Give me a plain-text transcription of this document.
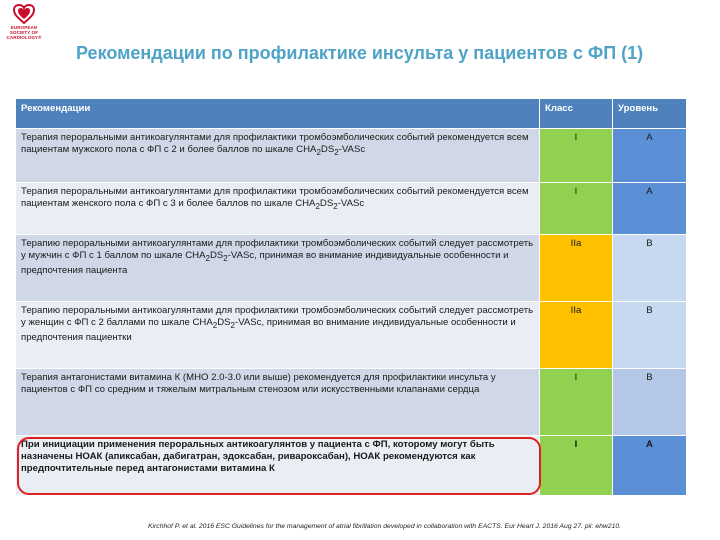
EUROPEAN
SOCIETY OF
CARDIOLOGY®
Рекомендации по профилактике инсульта у пациентов с ФП (1)
Рекомендации	Класс	Уровень
Терапия пероральными антикоагулянтами для профилактики тромбоэмболических событий рекомендуется всем пациентам мужского пола с ФП с 2 и более баллов по шкале $CHA_2DS_2$-VASc	I	A
Терапия пероральными антикоагулянтами для профилактики тромбоэмболических событий рекомендуется всем пациентам женского пола с ФП с 3 и более баллов по шкале $CHA_2DS_2$-VASc	I	A
Терапию пероральными антикоагулянтами для профилактики тромбоэмболических событий следует рассмотреть у мужчин с ФП с 1 баллом по шкале $CHA_2DS_2$-VASc, принимая во внимание индивидуальные особенности и предпочтения пациента	IIa	B
Терапию пероральными антикоагулянтами для профилактики тромбоэмболических событий следует рассмотреть у женщин с ФП с 2 баллами по шкале $CHA_2DS_2$-VASc, принимая во внимание индивидуальные особенности и предпочтения пациентки	IIa	B
Терапия антагонистами витамина К (МНО 2.0-3.0 или выше) рекомендуется для профилактики инсульта у пациентов с ФП со средним и тяжелым митральным стенозом или искусственными клапанами сердца	I	B
При инициации применения пероральных антикоагулянтов у пациента с ФП, которому могут быть назначены НОАК (апиксабан, дабигатран, эдоксабан, ривароксабан), НОАК рекомендуются как предпочтительные перед антагонистами витамина К	I	A
Kirchhof P. et al. 2016 ESC Guidelines for the management of atrial fibrillation developed in collaboration with EACTS. Eur Heart J. 2016 Aug 27. pii: ehw210.
